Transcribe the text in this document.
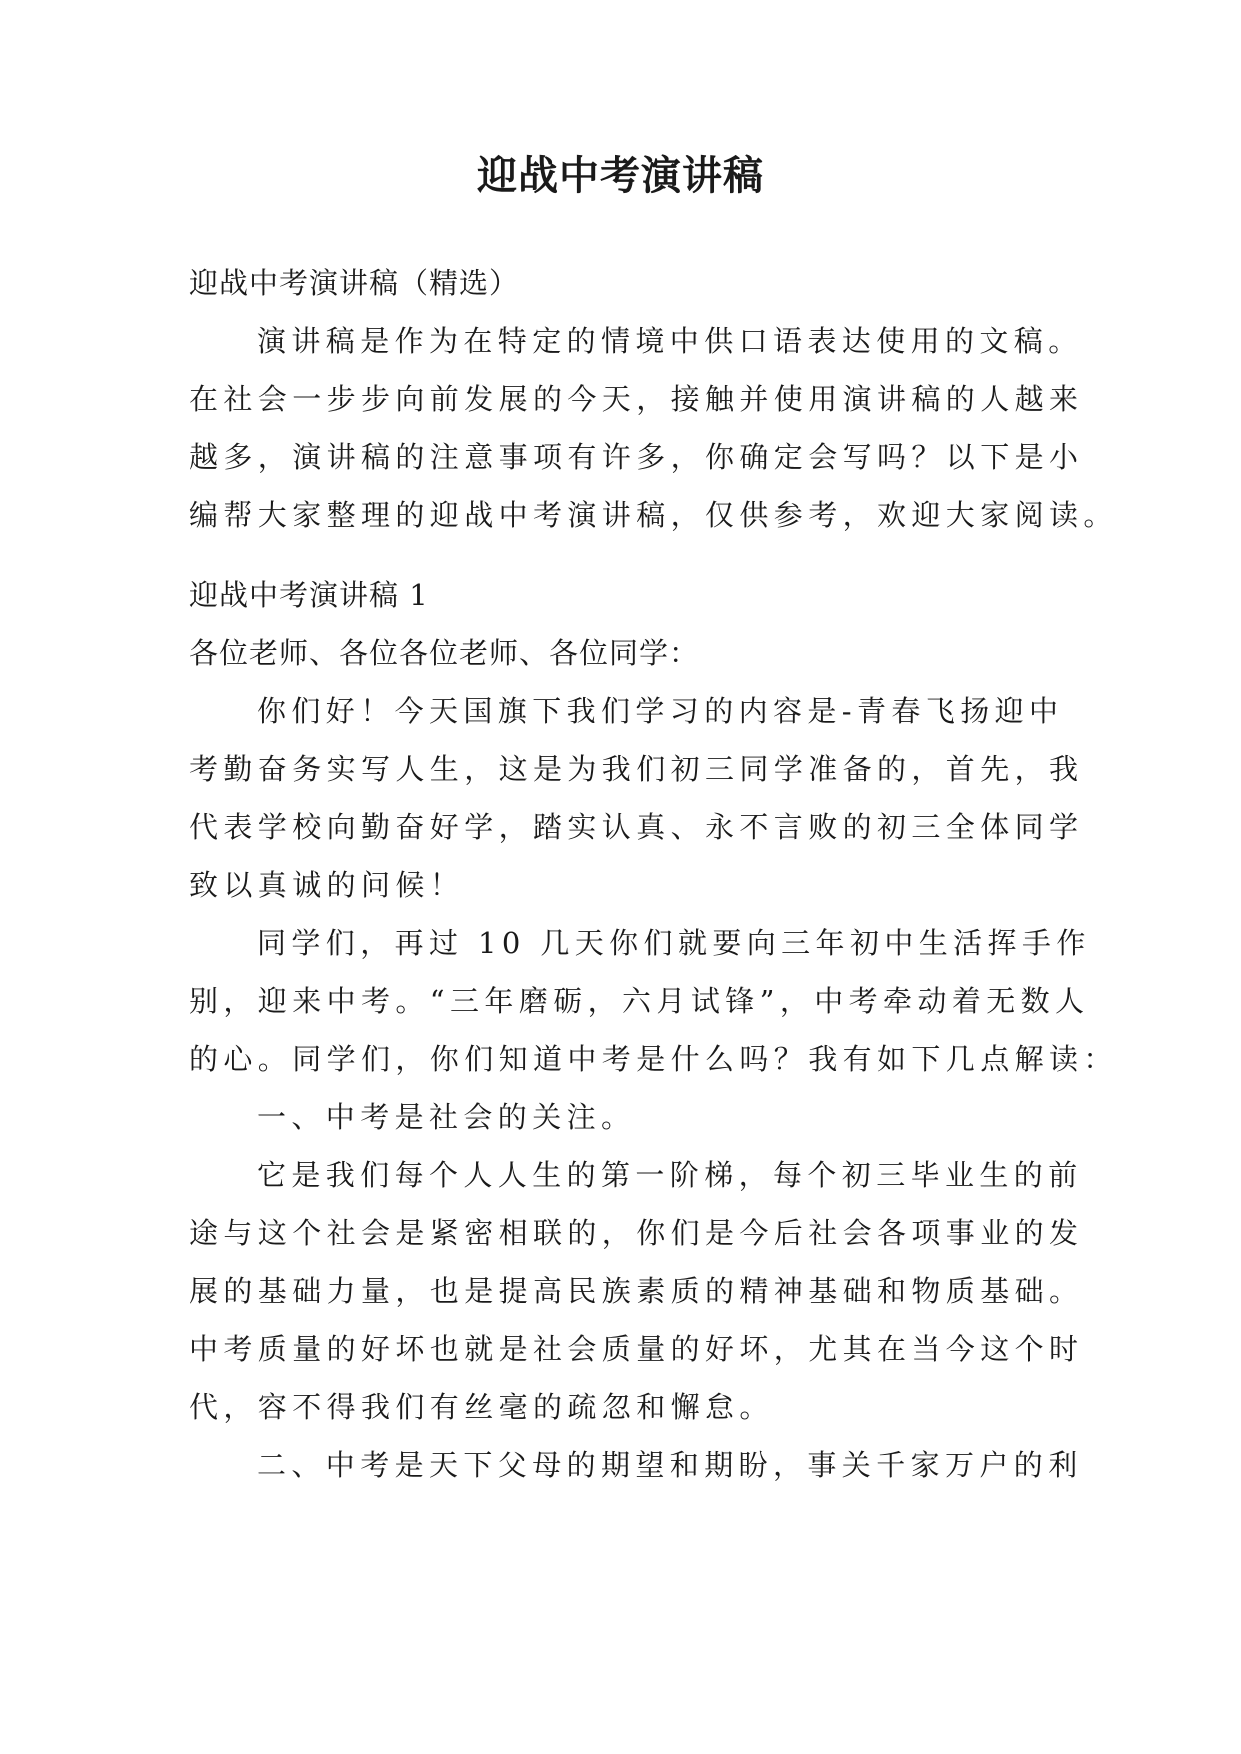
迎战中考演讲稿
迎战中考演讲稿（精选）
演讲稿是作为在特定的情境中供口语表达使用的文稿。
在社会一步步向前发展的今天，接触并使用演讲稿的人越来
越多，演讲稿的注意事项有许多，你确定会写吗？以下是小
编帮大家整理的迎战中考演讲稿，仅供参考，欢迎大家阅读。
迎战中考演讲稿 1
各位老师、各位各位老师、各位同学：
你们好！今天国旗下我们学习的内容是-青春飞扬迎中
考勤奋务实写人生，这是为我们初三同学准备的，首先，我
代表学校向勤奋好学，踏实认真、永不言败的初三全体同学
致以真诚的问候！
同学们，再过 10 几天你们就要向三年初中生活挥手作
别，迎来中考。“三年磨砺，六月试锋”，中考牵动着无数人
的心。同学们，你们知道中考是什么吗？我有如下几点解读：
一、中考是社会的关注。
它是我们每个人人生的第一阶梯，每个初三毕业生的前
途与这个社会是紧密相联的，你们是今后社会各项事业的发
展的基础力量，也是提高民族素质的精神基础和物质基础。
中考质量的好坏也就是社会质量的好坏，尤其在当今这个时
代，容不得我们有丝毫的疏忽和懈怠。
二、中考是天下父母的期望和期盼，事关千家万户的利
